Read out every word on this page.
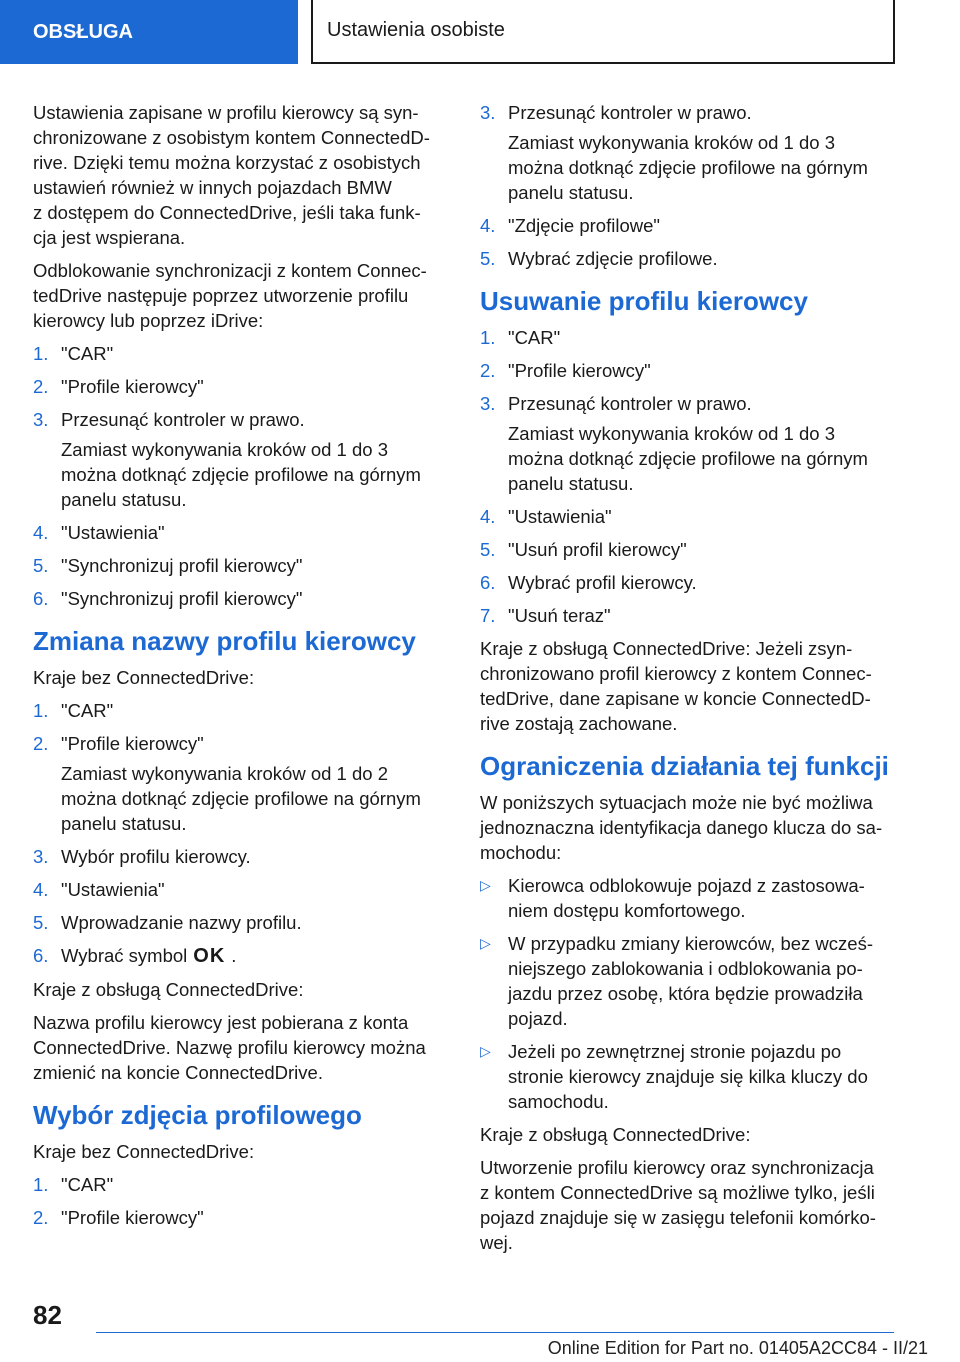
OBSŁUGA	Ustawienia osobiste

Ustawienia zapisane w profilu kierowcy są syn-
chronizowane z osobistym kontem ConnectedD-
rive. Dzięki temu można korzystać z osobistych
ustawień również w innych pojazdach BMW
z dostępem do ConnectedDrive, jeśli taka funk-
cja jest wspierana.

Odblokowanie synchronizacji z kontem Connec-
tedDrive następuje poprzez utworzenie profilu
kierowcy lub poprzez iDrive:

1. "CAR"
2. "Profile kierowcy"
3. Przesunąć kontroler w prawo.
Zamiast wykonywania kroków od 1 do 3
można dotknąć zdjęcie profilowe na górnym
panelu statusu.
4. "Ustawienia"
5. "Synchronizuj profil kierowcy"
6. "Synchronizuj profil kierowcy"
Zmiana nazwy profilu kierowcy

Kraje bez ConnectedDrive:

1. "CAR"
2. "Profile kierowcy"
Zamiast wykonywania kroków od 1 do 2
można dotknąć zdjęcie profilowe na górnym
panelu statusu.
3. Wybór profilu kierowcy.
4. "Ustawienia"
5. Wprowadzanie nazwy profilu.
6. Wybrać symbol OK .

Kraje z obsługą ConnectedDrive:

Nazwa profilu kierowcy jest pobierana z konta
ConnectedDrive. Nazwę profilu kierowcy można
zmienić na koncie ConnectedDrive.

Wybór zdjęcia profilowego

Kraje bez ConnectedDrive:

1. "CAR"
2. "Profile kierowcy"
3. Przesunąć kontroler w prawo.
Zamiast wykonywania kroków od 1 do 3
można dotknąć zdjęcie profilowe na górnym
panelu statusu.
4. "Zdjęcie profilowe"
5. Wybrać zdjęcie profilowe.
Usuwanie profilu kierowcy
1. "CAR"
2. "Profile kierowcy"
3. Przesunąć kontroler w prawo.
Zamiast wykonywania kroków od 1 do 3
można dotknąć zdjęcie profilowe na górnym
panelu statusu.
4. "Ustawienia"
5. "Usuń profil kierowcy"
6. Wybrać profil kierowcy.
7. "Usuń teraz"

Kraje z obsługą ConnectedDrive: Jeżeli zsyn-
chronizowano profil kierowcy z kontem Connec-
tedDrive, dane zapisane w koncie ConnectedD-
rive zostają zachowane.

Ograniczenia działania tej funkcji

W poniższych sytuacjach może nie być możliwa
jednoznaczna identyfikacja danego klucza do sa-
mochodu:

▷ Kierowca odblokowuje pojazd z zastosowa-
niem dostępu komfortowego.
▷ W przypadku zmiany kierowców, bez wcześ-
niejszego zablokowania i odblokowania po-
jazdu przez osobę, która będzie prowadziła
pojazd.
▷ Jeżeli po zewnętrznej stronie pojazdu po
stronie kierowcy znajduje się kilka kluczy do
samochodu.

Kraje z obsługą ConnectedDrive:

Utworzenie profilu kierowcy oraz synchronizacja
z kontem ConnectedDrive są możliwe tylko, jeśli
pojazd znajduje się w zasięgu telefonii komórko-
wej.

82
Online Edition for Part no. 01405A2CC84 - II/21
